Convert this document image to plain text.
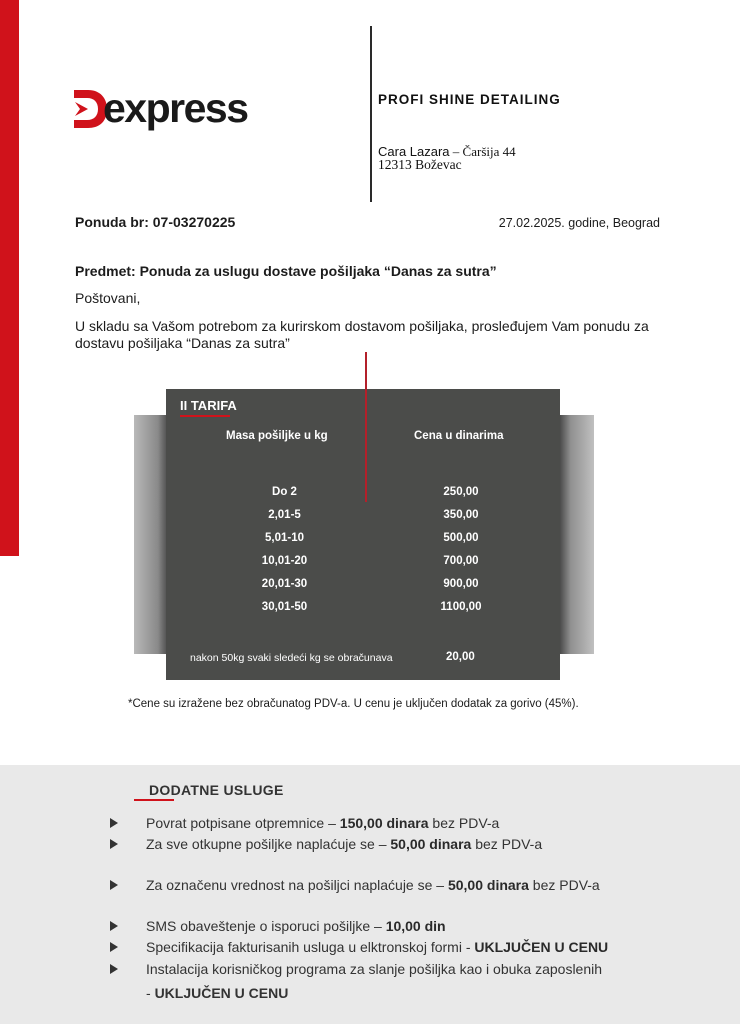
express	PROFI SHINE DETAILING
Cara Lazara – Čaršija 44
12313 Boževac
Ponuda br: 07-03270225	27.02.2025. godine, Beograd
Predmet: Ponuda za uslugu dostave pošiljaka “Danas za sutra”
Poštovani,
U skladu sa Vašom potrebom za kurirskom dostavom pošiljaka, prosleđujem Vam ponudu za dostavu pošiljaka “Danas za sutra”
II TARIFA
Masa pošiljke u kg	Cena u dinarima
Do 2	250,00
2,01-5	350,00
5,01-10	500,00
10,01-20	700,00
20,01-30	900,00
30,01-50	1100,00
nakon 50kg svaki sledeći kg se obračunava	20,00
*Cene su izražene bez obračunatog PDV-a. U cenu je uključen dodatak za gorivo (45%).
DODATNE USLUGE
Povrat potpisane otpremnice – 150,00 dinara bez PDV-a
Za sve otkupne pošiljke naplaćuje se – 50,00 dinara bez PDV-a
Za označenu vrednost na pošiljci naplaćuje se – 50,00 dinara bez PDV-a
SMS obaveštenje o isporuci pošiljke – 10,00 din
Specifikacija fakturisanih usluga u elktronskoj formi - UKLJUČEN U CENU
Instalacija korisničkog programa za slanje pošiljka kao i obuka zaposlenih
- UKLJUČEN U CENU
